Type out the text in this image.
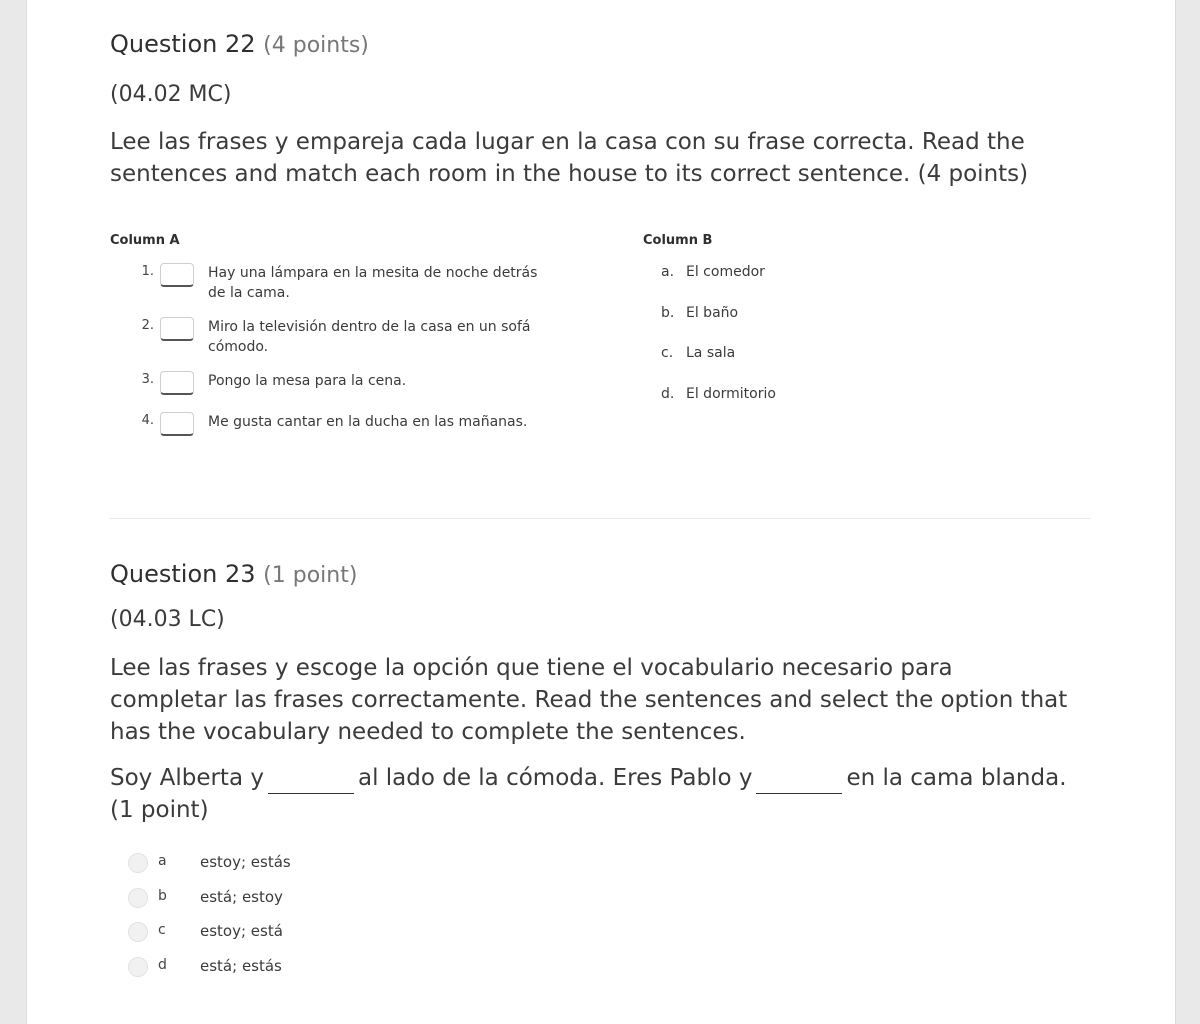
Question 22 (4 points)
(04.02 MC)
Lee las frases y empareja cada lugar en la casa con su frase correcta. Read the sentences and match each room in the house to its correct sentence. (4 points)
Column A	Column B
1.	Hay una lámpara en la mesita de noche detrás de la cama.
2.	Miro la televisión dentro de la casa en un sofá cómodo.
3.	Pongo la mesa para la cena.
4.	Me gusta cantar en la ducha en las mañanas.
a. El comedor
b. El baño
c. La sala
d. El dormitorio
Question 23 (1 point)
(04.03 LC)
Lee las frases y escoge la opción que tiene el vocabulario necesario para completar las frases correctamente. Read the sentences and select the option that has the vocabulary needed to complete the sentences.
Soy Alberta y	al lado de la cómoda. Eres Pablo y	en la cama blanda. (1 point)
a estoy; estás
b está; estoy
c estoy; está
d está; estás
